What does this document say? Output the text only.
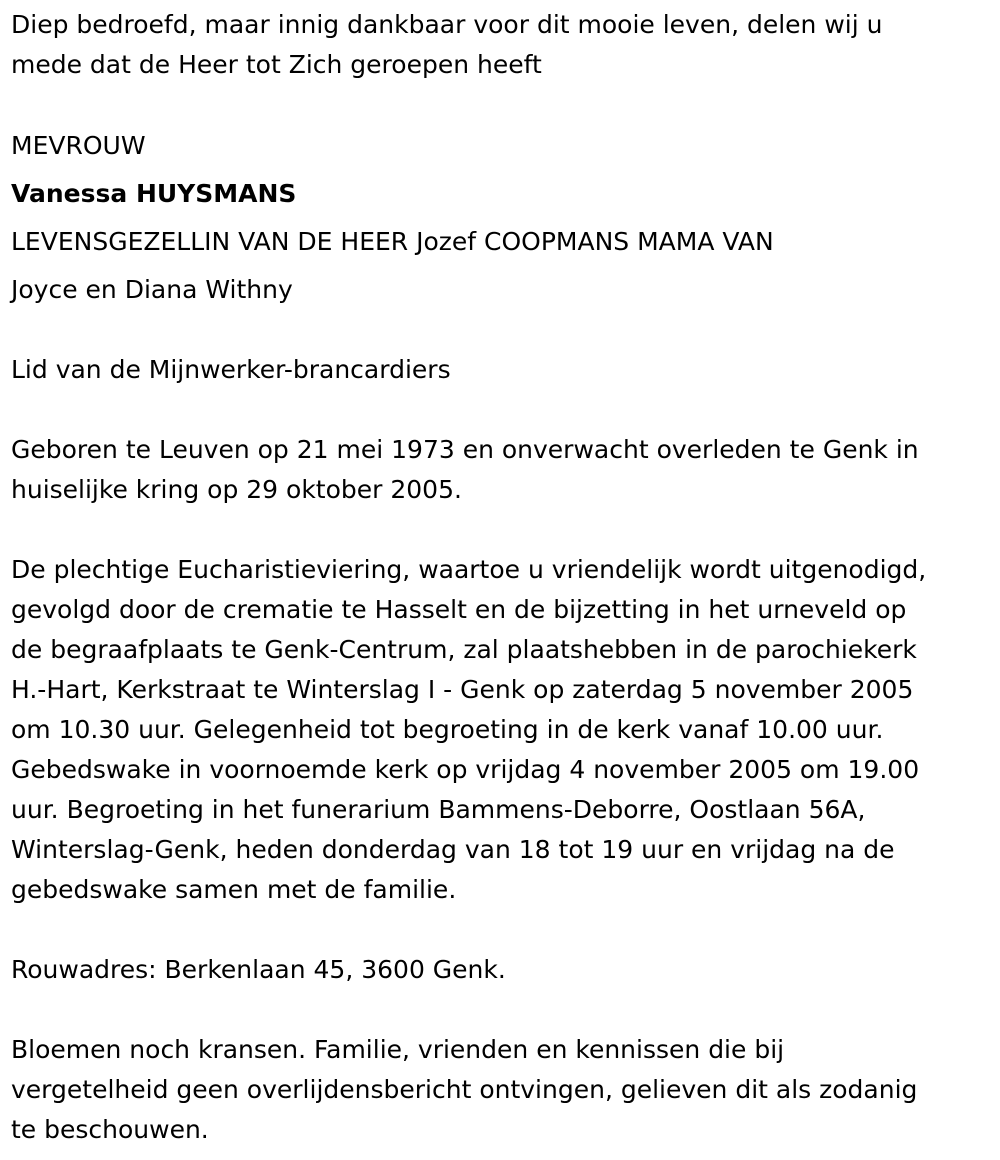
Diep bedroefd, maar innig dankbaar voor dit mooie leven, delen wij u
mede dat de Heer tot Zich geroepen heeft

MEVROUW

Vanessa HUYSMANS

LEVENSGEZELLIN VAN DE HEER Jozef COOPMANS MAMA VAN

Joyce en Diana Withny

Lid van de Mijnwerker-brancardiers

Geboren te Leuven op 21 mei 1973 en onverwacht overleden te Genk in
huiselijke kring op 29 oktober 2005.

De plechtige Eucharistieviering, waartoe u vriendelijk wordt uitgenodigd,
gevolgd door de crematie te Hasselt en de bijzetting in het urneveld op
de begraafplaats te Genk-Centrum, zal plaatshebben in de parochiekerk
H.-Hart, Kerkstraat te Winterslag I - Genk op zaterdag 5 november 2005
om 10.30 uur. Gelegenheid tot begroeting in de kerk vanaf 10.00 uur.
Gebedswake in voornoemde kerk op vrijdag 4 november 2005 om 19.00
uur. Begroeting in het funerarium Bammens-Deborre, Oostlaan 56A,
Winterslag-Genk, heden donderdag van 18 tot 19 uur en vrijdag na de
gebedswake samen met de familie.

Rouwadres: Berkenlaan 45, 3600 Genk.

Bloemen noch kransen. Familie, vrienden en kennissen die bij
vergetelheid geen overlijdensbericht ontvingen, gelieven dit als zodanig
te beschouwen.
